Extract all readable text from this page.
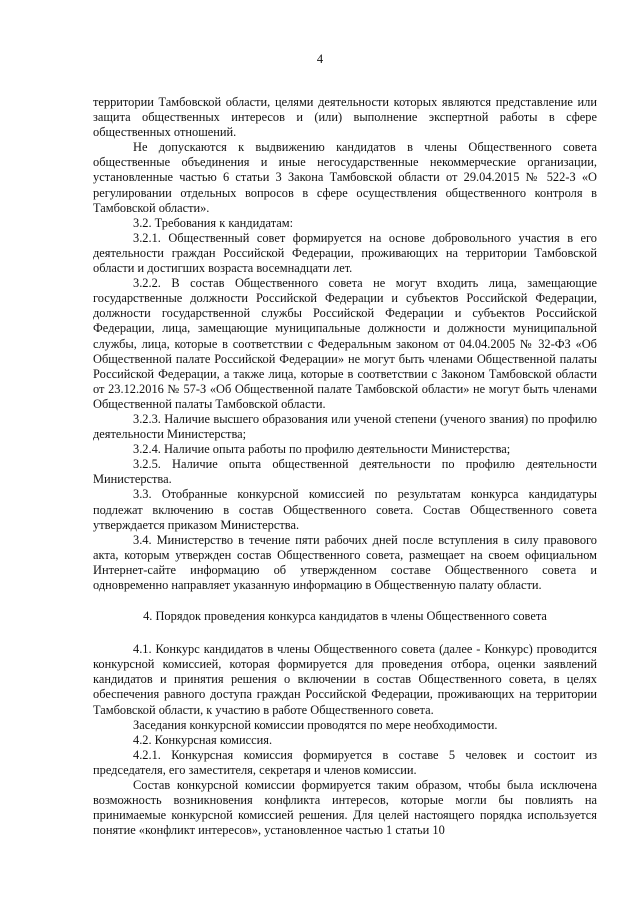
4

территории Тамбовской области, целями деятельности которых являются представление или защита общественных интересов и (или) выполнение экспертной работы в сфере общественных отношений.

Не допускаются к выдвижению кандидатов в члены Общественного совета общественные объединения и иные негосударственные некоммерческие организации, установленные частью 6 статьи 3 Закона Тамбовской области от 29.04.2015 № 522-З «О регулировании отдельных вопросов в сфере осуществления общественного контроля в Тамбовской области».

3.2. Требования к кандидатам:

3.2.1. Общественный совет формируется на основе добровольного участия в его деятельности граждан Российской Федерации, проживающих на территории Тамбовской области и достигших возраста восемнадцати лет.

3.2.2. В состав Общественного совета не могут входить лица, замещающие государственные должности Российской Федерации и субъектов Российской Федерации, должности государственной службы Российской Федерации и субъектов Российской Федерации, лица, замещающие муниципальные должности и должности муниципальной службы, лица, которые в соответствии с Федеральным законом от 04.04.2005 № 32-ФЗ «Об Общественной палате Российской Федерации» не могут быть членами Общественной палаты Российской Федерации, а также лица, которые в соответствии с Законом Тамбовской области от 23.12.2016 № 57-З «Об Общественной палате Тамбовской области» не могут быть членами Общественной палаты Тамбовской области.

3.2.3. Наличие высшего образования или ученой степени (ученого звания) по профилю деятельности Министерства;

3.2.4. Наличие опыта работы по профилю деятельности Министерства;

3.2.5. Наличие опыта общественной деятельности по профилю деятельности Министерства.

3.3. Отобранные конкурсной комиссией по результатам конкурса кандидатуры подлежат включению в состав Общественного совета. Состав Общественного совета утверждается приказом Министерства.

3.4. Министерство в течение пяти рабочих дней после вступления в силу правового акта, которым утвержден состав Общественного совета, размещает на своем официальном Интернет-сайте информацию об утвержденном составе Общественного совета и одновременно направляет указанную информацию в Общественную палату области.

4. Порядок проведения конкурса кандидатов в члены Общественного совета

4.1. Конкурс кандидатов в члены Общественного совета (далее - Конкурс) проводится конкурсной комиссией, которая формируется для проведения отбора, оценки заявлений кандидатов и принятия решения о включении в состав Общественного совета, в целях обеспечения равного доступа граждан Российской Федерации, проживающих на территории Тамбовской области, к участию в работе Общественного совета.

Заседания конкурсной комиссии проводятся по мере необходимости.

4.2. Конкурсная комиссия.

4.2.1. Конкурсная комиссия формируется в составе 5 человек и состоит из председателя, его заместителя, секретаря и членов комиссии.

Состав конкурсной комиссии формируется таким образом, чтобы была исключена возможность возникновения конфликта интересов, которые могли бы повлиять на принимаемые конкурсной комиссией решения. Для целей настоящего порядка используется понятие «конфликт интересов», установленное частью 1 статьи 10
